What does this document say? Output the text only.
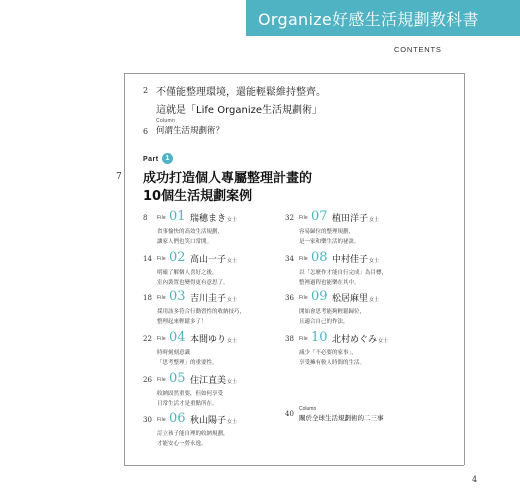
Organize好感生活規劃教科書
CONTENTS
2 不僅能整理環境，還能輕鬆維持整齊。
這就是「Life Organize生活規劃術」
Column
6 何謂生活規劃術？
Part 1
7 成功打造個人專屬整理計畫的
10個生活規劃案例
8 File 01 瑞穗まき女士
省事愉快的高效生活規劃，
讓家人們也笑口常開。
14 File 02 高山一子女士
明確了解個人喜好之後，
室內裝置也變得更有意思了。
18 File 03 吉川圭子女士
採用該多符合行動習性的收納技巧，
整理起來輕鬆多了！
22 File 04 本間ゆり女士
時時刻刻意識
「思考整理」的重要性。
26 File 05 住江直美女士
收納固然重要，但如何享受
日常生活才是重點所在。
30 File 06 秋山陽子女士
訂立孩子能自理的收納規劃，
才能安心一勞永逸。
32 File 07 植田洋子女士
容易歸位的整理規劃，
是一家和樂生活的祕訣。
34 File 08 中村佳子女士
以「怎麼作才能自行完成」為目標，
整裡過程也能樂在其中。
36 File 09 松居麻里女士
開始會思考能夠輕鬆歸位，
且適合自己的作法。
38 File 10 北村めぐみ女士
減少「不必要的家事」，
享受擁有較人時間的生活。
Column
40 關於全球生活規劃術的二三事
4
